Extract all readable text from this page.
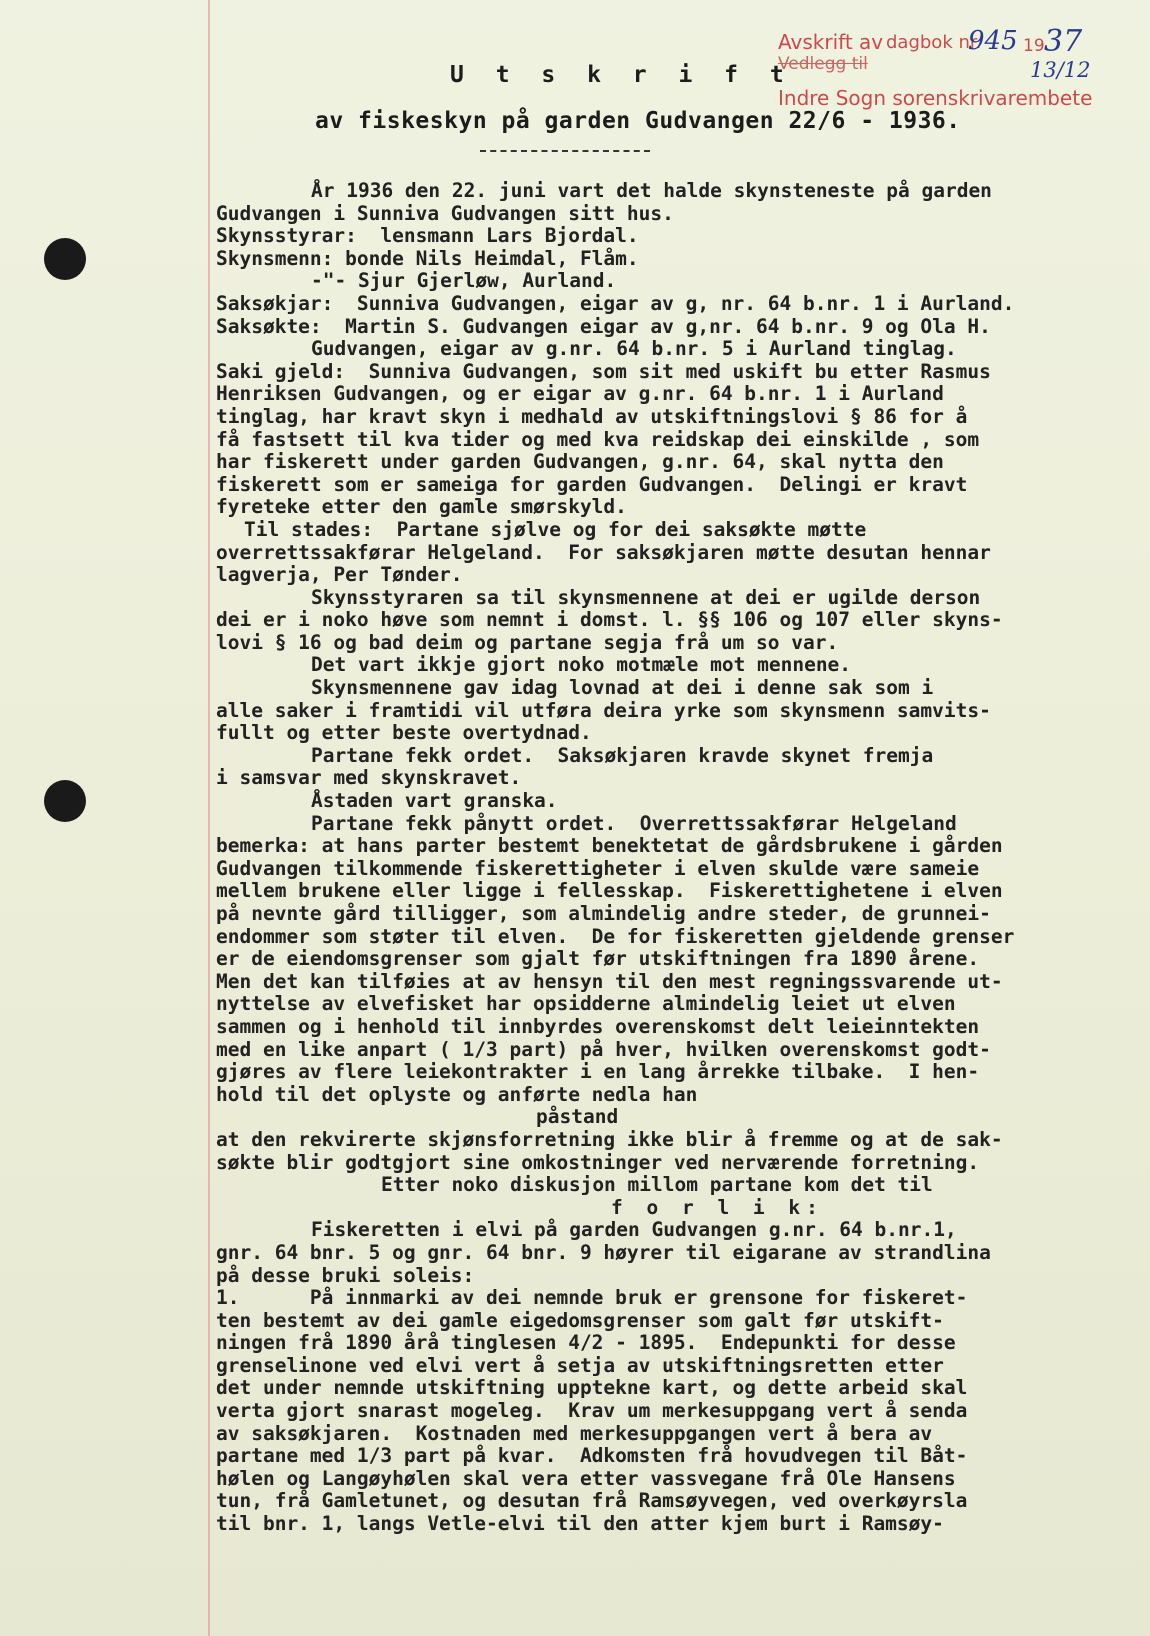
Avskrift av
Vedlegg til
dagbok nr.
945 19 37
13/12
Indre Sogn sorenskrivarembete
U t s k r i f t
av fiskeskyn på garden Gudvangen 22/6 - 1936.
År 1936 den 22. juni vart det halde skynsteneste på garden
Gudvangen i Sunniva Gudvangen sitt hus.
Skynsstyrar:  lensmann Lars Bjordal.
Skynsmenn: bonde Nils Heimdal, Flåm.
-"- Sjur Gjerløw, Aurland.
Saksøkjar:  Sunniva Gudvangen, eigar av g, nr. 64 b.nr. 1 i Aurland.
Saksøkte:  Martin S. Gudvangen eigar av g,nr. 64 b.nr. 9 og Ola H.
Gudvangen, eigar av g.nr. 64 b.nr. 5 i Aurland tinglag.
Saki gjeld:  Sunniva Gudvangen, som sit med uskift bu etter Rasmus
Henriksen Gudvangen, og er eigar av g.nr. 64 b.nr. 1 i Aurland
tinglag, har kravt skyn i medhald av utskiftningslovi § 86 for å
få fastsett til kva tider og med kva reidskap dei einskilde , som
har fiskerett under garden Gudvangen, g.nr. 64, skal nytta den
fiskerett som er sameiga for garden Gudvangen.  Delingi er kravt
fyreteke etter den gamle smørskyld.
Til stades:  Partane sjølve og for dei saksøkte møtte
overrettssakførar Helgeland.  For saksøkjaren møtte desutan hennar
lagverja, Per Tønder.
Skynsstyraren sa til skynsmennene at dei er ugilde derson
dei er i noko høve som nemnt i domst. l. §§ 106 og 107 eller skyns-
lovi § 16 og bad deim og partane segja frå um so var.
Det vart ikkje gjort noko motmæle mot mennene.
Skynsmennene gav idag lovnad at dei i denne sak som i
alle saker i framtidi vil utføra deira yrke som skynsmenn samvits-
fullt og etter beste overtydnad.
Partane fekk ordet.  Saksøkjaren kravde skynet fremja
i samsvar med skynskravet.
Åstaden vart granska.
Partane fekk pånytt ordet.  Overrettssakførar Helgeland
bemerka: at hans parter bestemt benektetat de gårdsbrukene i gården
Gudvangen tilkommende fiskerettigheter i elven skulde være sameie
mellem brukene eller ligge i fellesskap.  Fiskerettighetene i elven
på nevnte gård tilligger, som almindelig andre steder, de grunnei-
endommer som støter til elven.  De for fiskeretten gjeldende grenser
er de eiendomsgrenser som gjalt før utskiftningen fra 1890 årene.
Men det kan tilføies at av hensyn til den mest regningssvarende ut-
nyttelse av elvefisket har opsidderne almindelig leiet ut elven
sammen og i henhold til innbyrdes overenskomst delt leieinntekten
med en like anpart ( 1/3 part) på hver, hvilken overenskomst godt-
gjøres av flere leiekontrakter i en lang årrekke tilbake.  I hen-
hold til det oplyste og anførte nedla han
påstand
at den rekvirerte skjønsforretning ikke blir å fremme og at de sak-
søkte blir godtgjort sine omkostninger ved nerværende forretning.
Etter noko diskusjon millom partane kom det til
f o r l i k:
Fiskeretten i elvi på garden Gudvangen g.nr. 64 b.nr.1,
gnr. 64 bnr. 5 og gnr. 64 bnr. 9 høyrer til eigarane av strandlina
på desse bruki soleis:
1.      På innmarki av dei nemnde bruk er grensone for fiskeret-
ten bestemt av dei gamle eigedomsgrenser som galt før utskift-
ningen frå 1890 årå tinglesen 4/2 - 1895.  Endepunkti for desse
grenselinone ved elvi vert å setja av utskiftningsretten etter
det under nemnde utskiftning upptekne kart, og dette arbeid skal
verta gjort snarast mogeleg.  Krav um merkesuppgang vert å senda
av saksøkjaren.  Kostnaden med merkesuppgangen vert å bera av
partane med 1/3 part på kvar.  Adkomsten frå hovudvegen til Båt-
hølen og Langøyhølen skal vera etter vassvegane frå Ole Hansens
tun, frå Gamletunet, og desutan frå Ramsøyvegen, ved overkøyrsla
til bnr. 1, langs Vetle-elvi til den atter kjem burt i Ramsøy-
